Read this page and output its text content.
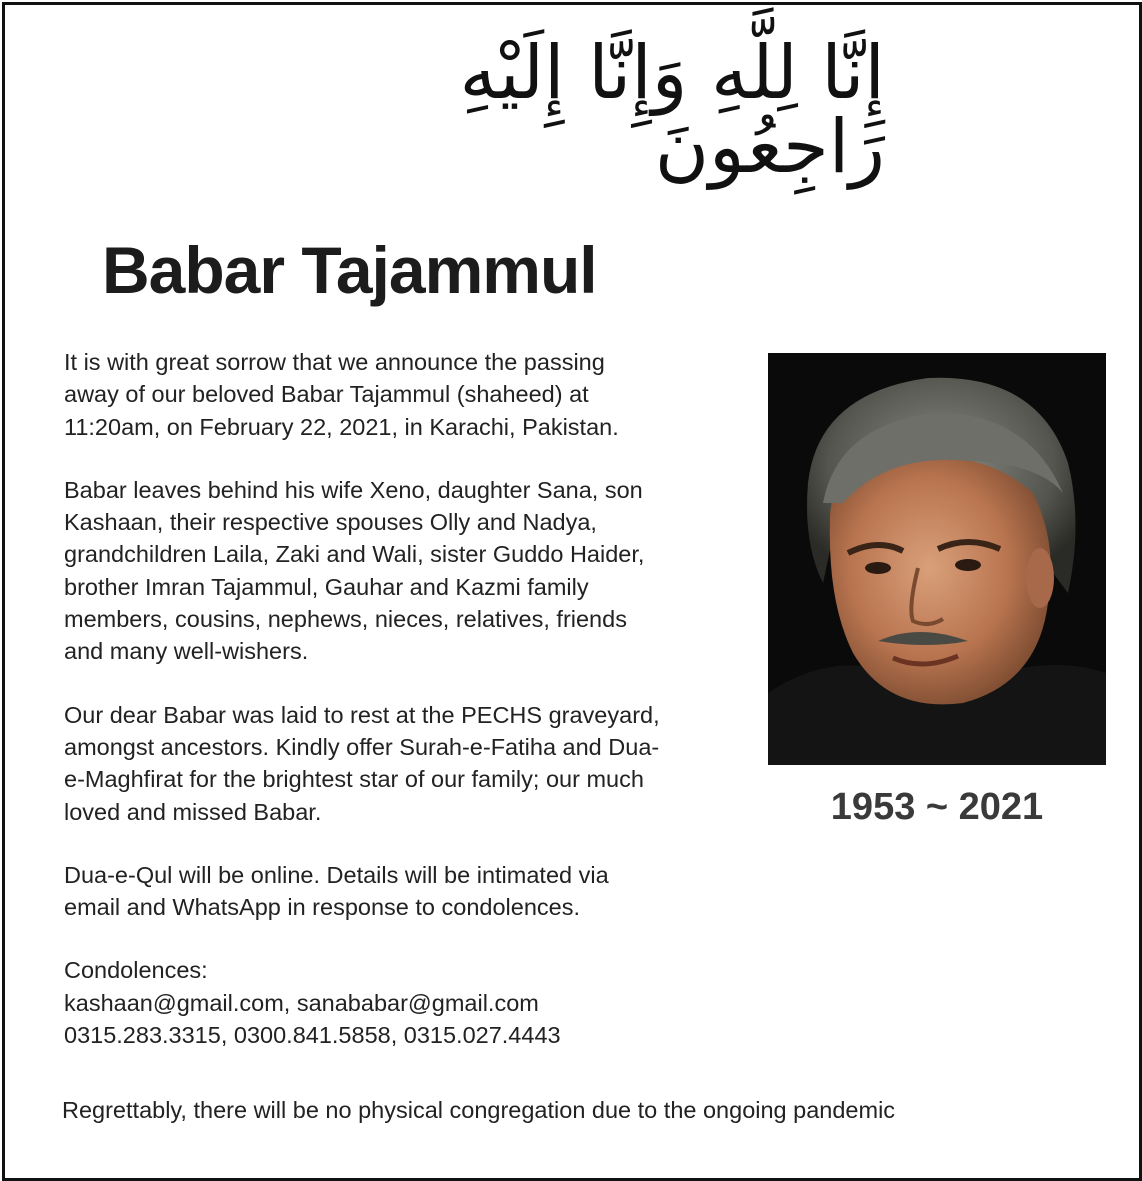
إِنَّا لِلَّهِ وَإِنَّا إِلَيْهِ رَاجِعُونَ
Babar Tajammul

It is with great sorrow that we announce the passing
away of our beloved Babar Tajammul (shaheed) at
11:20am, on February 22, 2021, in Karachi, Pakistan.

Babar leaves behind his wife Xeno, daughter Sana, son
Kashaan, their respective spouses Olly and Nadya,
grandchildren Laila, Zaki and Wali, sister Guddo Haider,
brother Imran Tajammul, Gauhar and Kazmi family
members, cousins, nephews, nieces, relatives, friends
and many well-wishers.

Our dear Babar was laid to rest at the PECHS graveyard,
amongst ancestors. Kindly offer Surah-e-Fatiha and Dua-
e-Maghfirat for the brightest star of our family; our much
loved and missed Babar.

Dua-e-Qul will be online. Details will be intimated via
email and WhatsApp in response to condolences.

Condolences:
kashaan@gmail.com, sanababar@gmail.com
0315.283.3315, 0300.841.5858, 0315.027.4443

1953 ~ 2021
Regrettably, there will be no physical congregation due to the ongoing pandemic
